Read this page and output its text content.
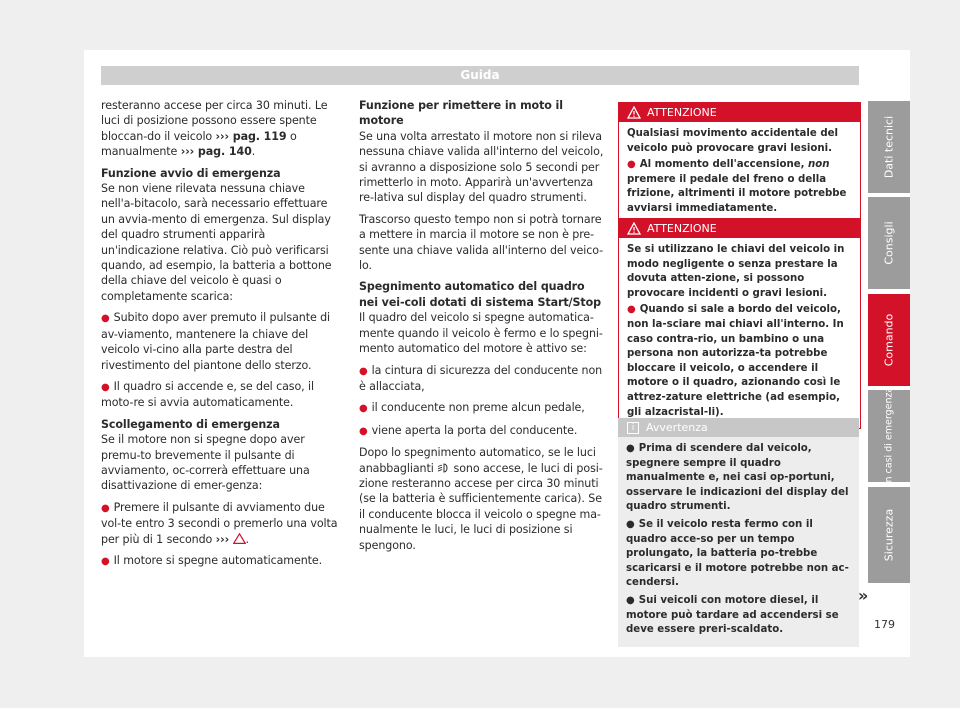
Guida

resteranno accese per circa 30 minuti. Le luci di posizione possono essere spente bloccan-do il veicolo ››› pag. 119 o manualmente ››› pag. 140.

Funzione avvio di emergenza

Se non viene rilevata nessuna chiave nell'a-bitacolo, sarà necessario effettuare un avvia-mento di emergenza. Sul display del quadro strumenti apparirà un'indicazione relativa. Ciò può verificarsi quando, ad esempio, la batteria a bottone della chiave del veicolo è quasi o completamente scarica:

● Subito dopo aver premuto il pulsante di av-viamento, mantenere la chiave del veicolo vi-cino alla parte destra del rivestimento del piantone dello sterzo.

● Il quadro si accende e, se del caso, il moto-re si avvia automaticamente.

Scollegamento di emergenza

Se il motore non si spegne dopo aver premu-to brevemente il pulsante di avviamento, oc-correrà effettuare una disattivazione di emer-genza:

● Premere il pulsante di avviamento due vol-te entro 3 secondi o premerlo una volta per più di 1 secondo ››› .

● Il motore si spegne automaticamente.

Funzione per rimettere in moto il motore

Se una volta arrestato il motore non si rileva nessuna chiave valida all'interno del veicolo, si avranno a disposizione solo 5 secondi per rimetterlo in moto. Apparirà un'avvertenza re-lativa sul display del quadro strumenti.

Trascorso questo tempo non si potrà tornare a mettere in marcia il motore se non è pre-sente una chiave valida all'interno del veico-lo.

Spegnimento automatico del quadro nei vei-coli dotati di sistema Start/Stop

Il quadro del veicolo si spegne automatica-mente quando il veicolo è fermo e lo spegni-mento automatico del motore è attivo se:

● la cintura di sicurezza del conducente non è allacciata,

● il conducente non preme alcun pedale,

● viene aperta la porta del conducente.

Dopo lo spegnimento automatico, se le luci anabbaglianti  sono accese, le luci di posi-zione resteranno accese per circa 30 minuti (se la batteria è sufficientemente carica). Se il conducente blocca il veicolo o spegne ma-nualmente le luci, le luci di posizione si spengono.

ATTENZIONE

Qualsiasi movimento accidentale del veicolo può provocare gravi lesioni.

● Al momento dell'accensione, non premere il pedale del freno o della frizione, altrimenti il motore potrebbe avviarsi immediatamente.

ATTENZIONE

Se si utilizzano le chiavi del veicolo in modo negligente o senza prestare la dovuta atten-zione, si possono provocare incidenti o gravi lesioni.

● Quando si sale a bordo del veicolo, non la-sciare mai chiavi all'interno. In caso contra-rio, un bambino o una persona non autorizza-ta potrebbe bloccare il veicolo, o accendere il motore o il quadro, azionando così le attrez-zature elettriche (ad esempio, gli alzacristal-li).

i	Avvertenza

● Prima di scendere dal veicolo, spegnere sempre il quadro manualmente e, nei casi op-portuni, osservare le indicazioni del display del quadro strumenti.

● Se il veicolo resta fermo con il quadro acce-so per un tempo prolungato, la batteria po-trebbe scaricarsi e il motore potrebbe non ac-cendersi.

● Sui veicoli con motore diesel, il motore può tardare ad accendersi se deve essere preri-scaldato.

»
Dati tecnici
Consigli
Comando
In casi di emergenza
Sicurezza
179
